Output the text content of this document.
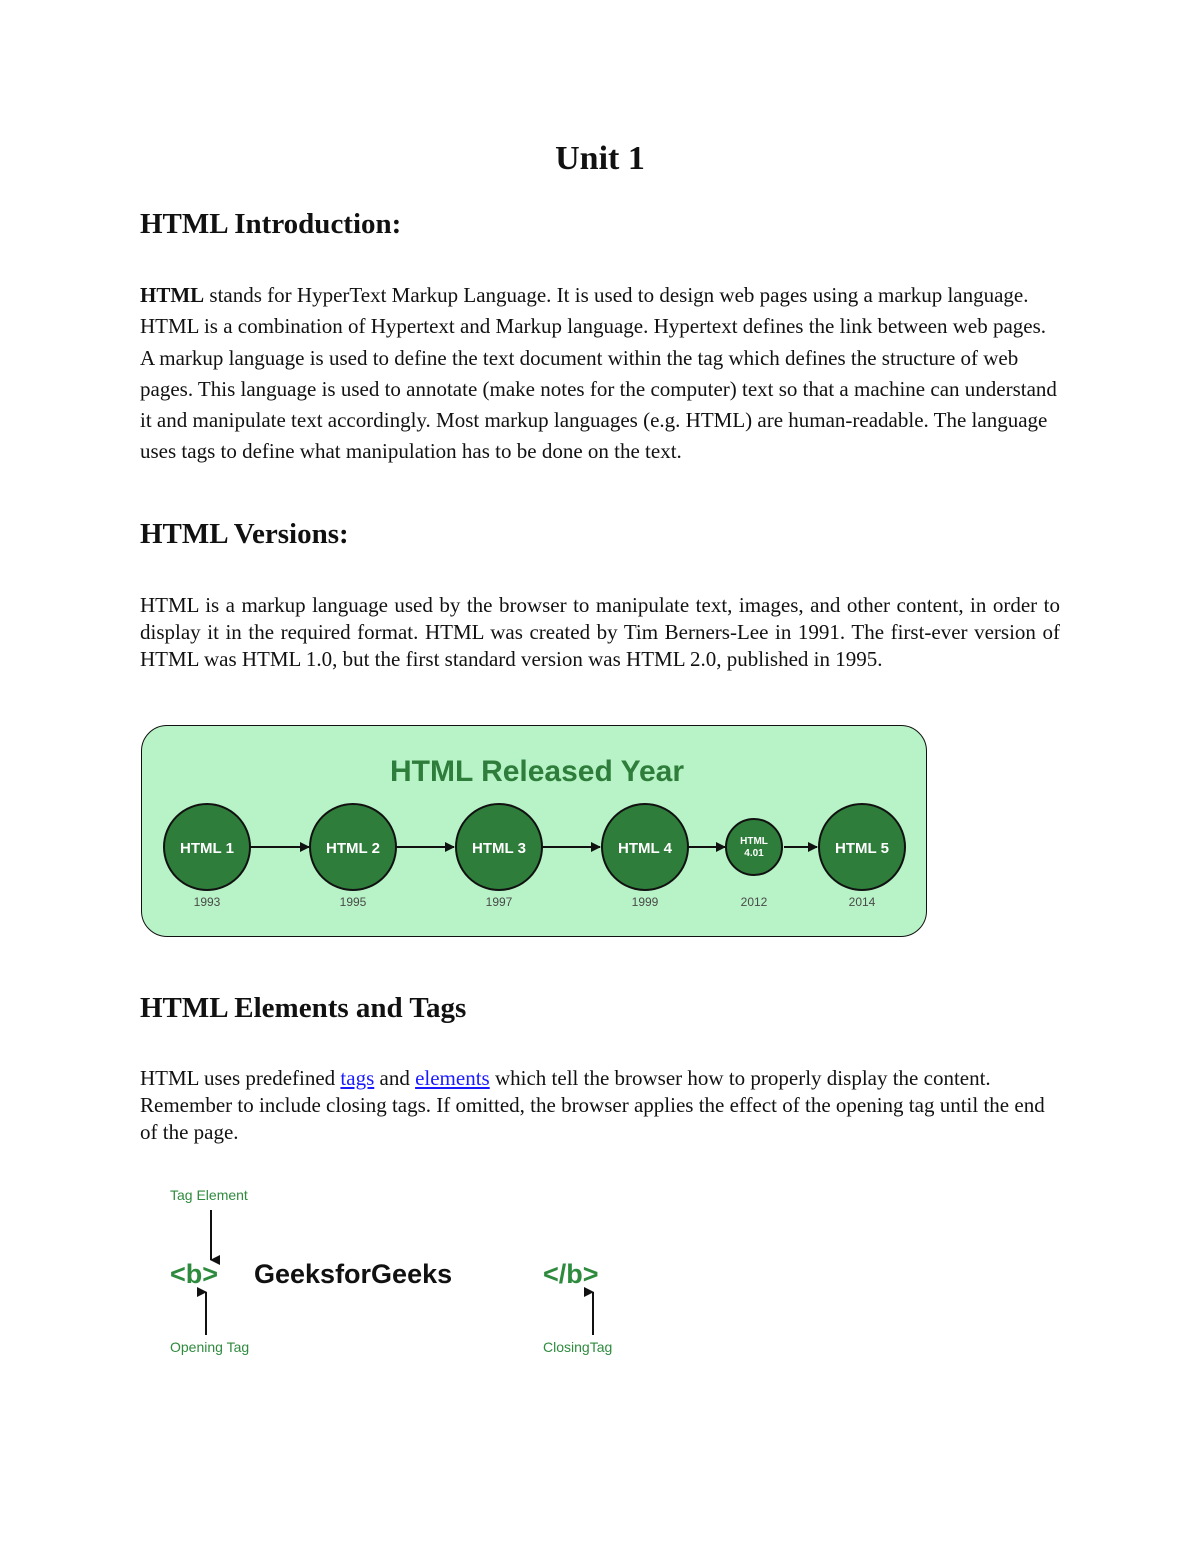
Unit 1
HTML Introduction:

HTML stands for HyperText Markup Language. It is used to design web pages using a markup language. HTML is a combination of Hypertext and Markup language. Hypertext defines the link between web pages. A markup language is used to define the text document within the tag which defines the structure of web pages. This language is used to annotate (make notes for the computer) text so that a machine can understand it and manipulate text accordingly. Most markup languages (e.g. HTML) are human-readable. The language uses tags to define what manipulation has to be done on the text.

HTML Versions:

HTML is a markup language used by the browser to manipulate text, images, and other content, in order to display it in the required format. HTML was created by Tim Berners-Lee in 1991. The first-ever version of HTML was HTML 1.0, but the first standard version was HTML 2.0, published in 1995.

HTML Released Year
HTML 1
1993
HTML 2
1995
HTML 3
1997
HTML 4
1999
HTML
4.01
2012
HTML 5
2014
HTML Elements and Tags

HTML uses predefined tags and elements which tell the browser how to properly display the content. Remember to include closing tags. If omitted, the browser applies the effect of the opening tag until the end of the page.

Tag Element
<b> GeeksforGeeks	</b>
Opening Tag	ClosingTag
